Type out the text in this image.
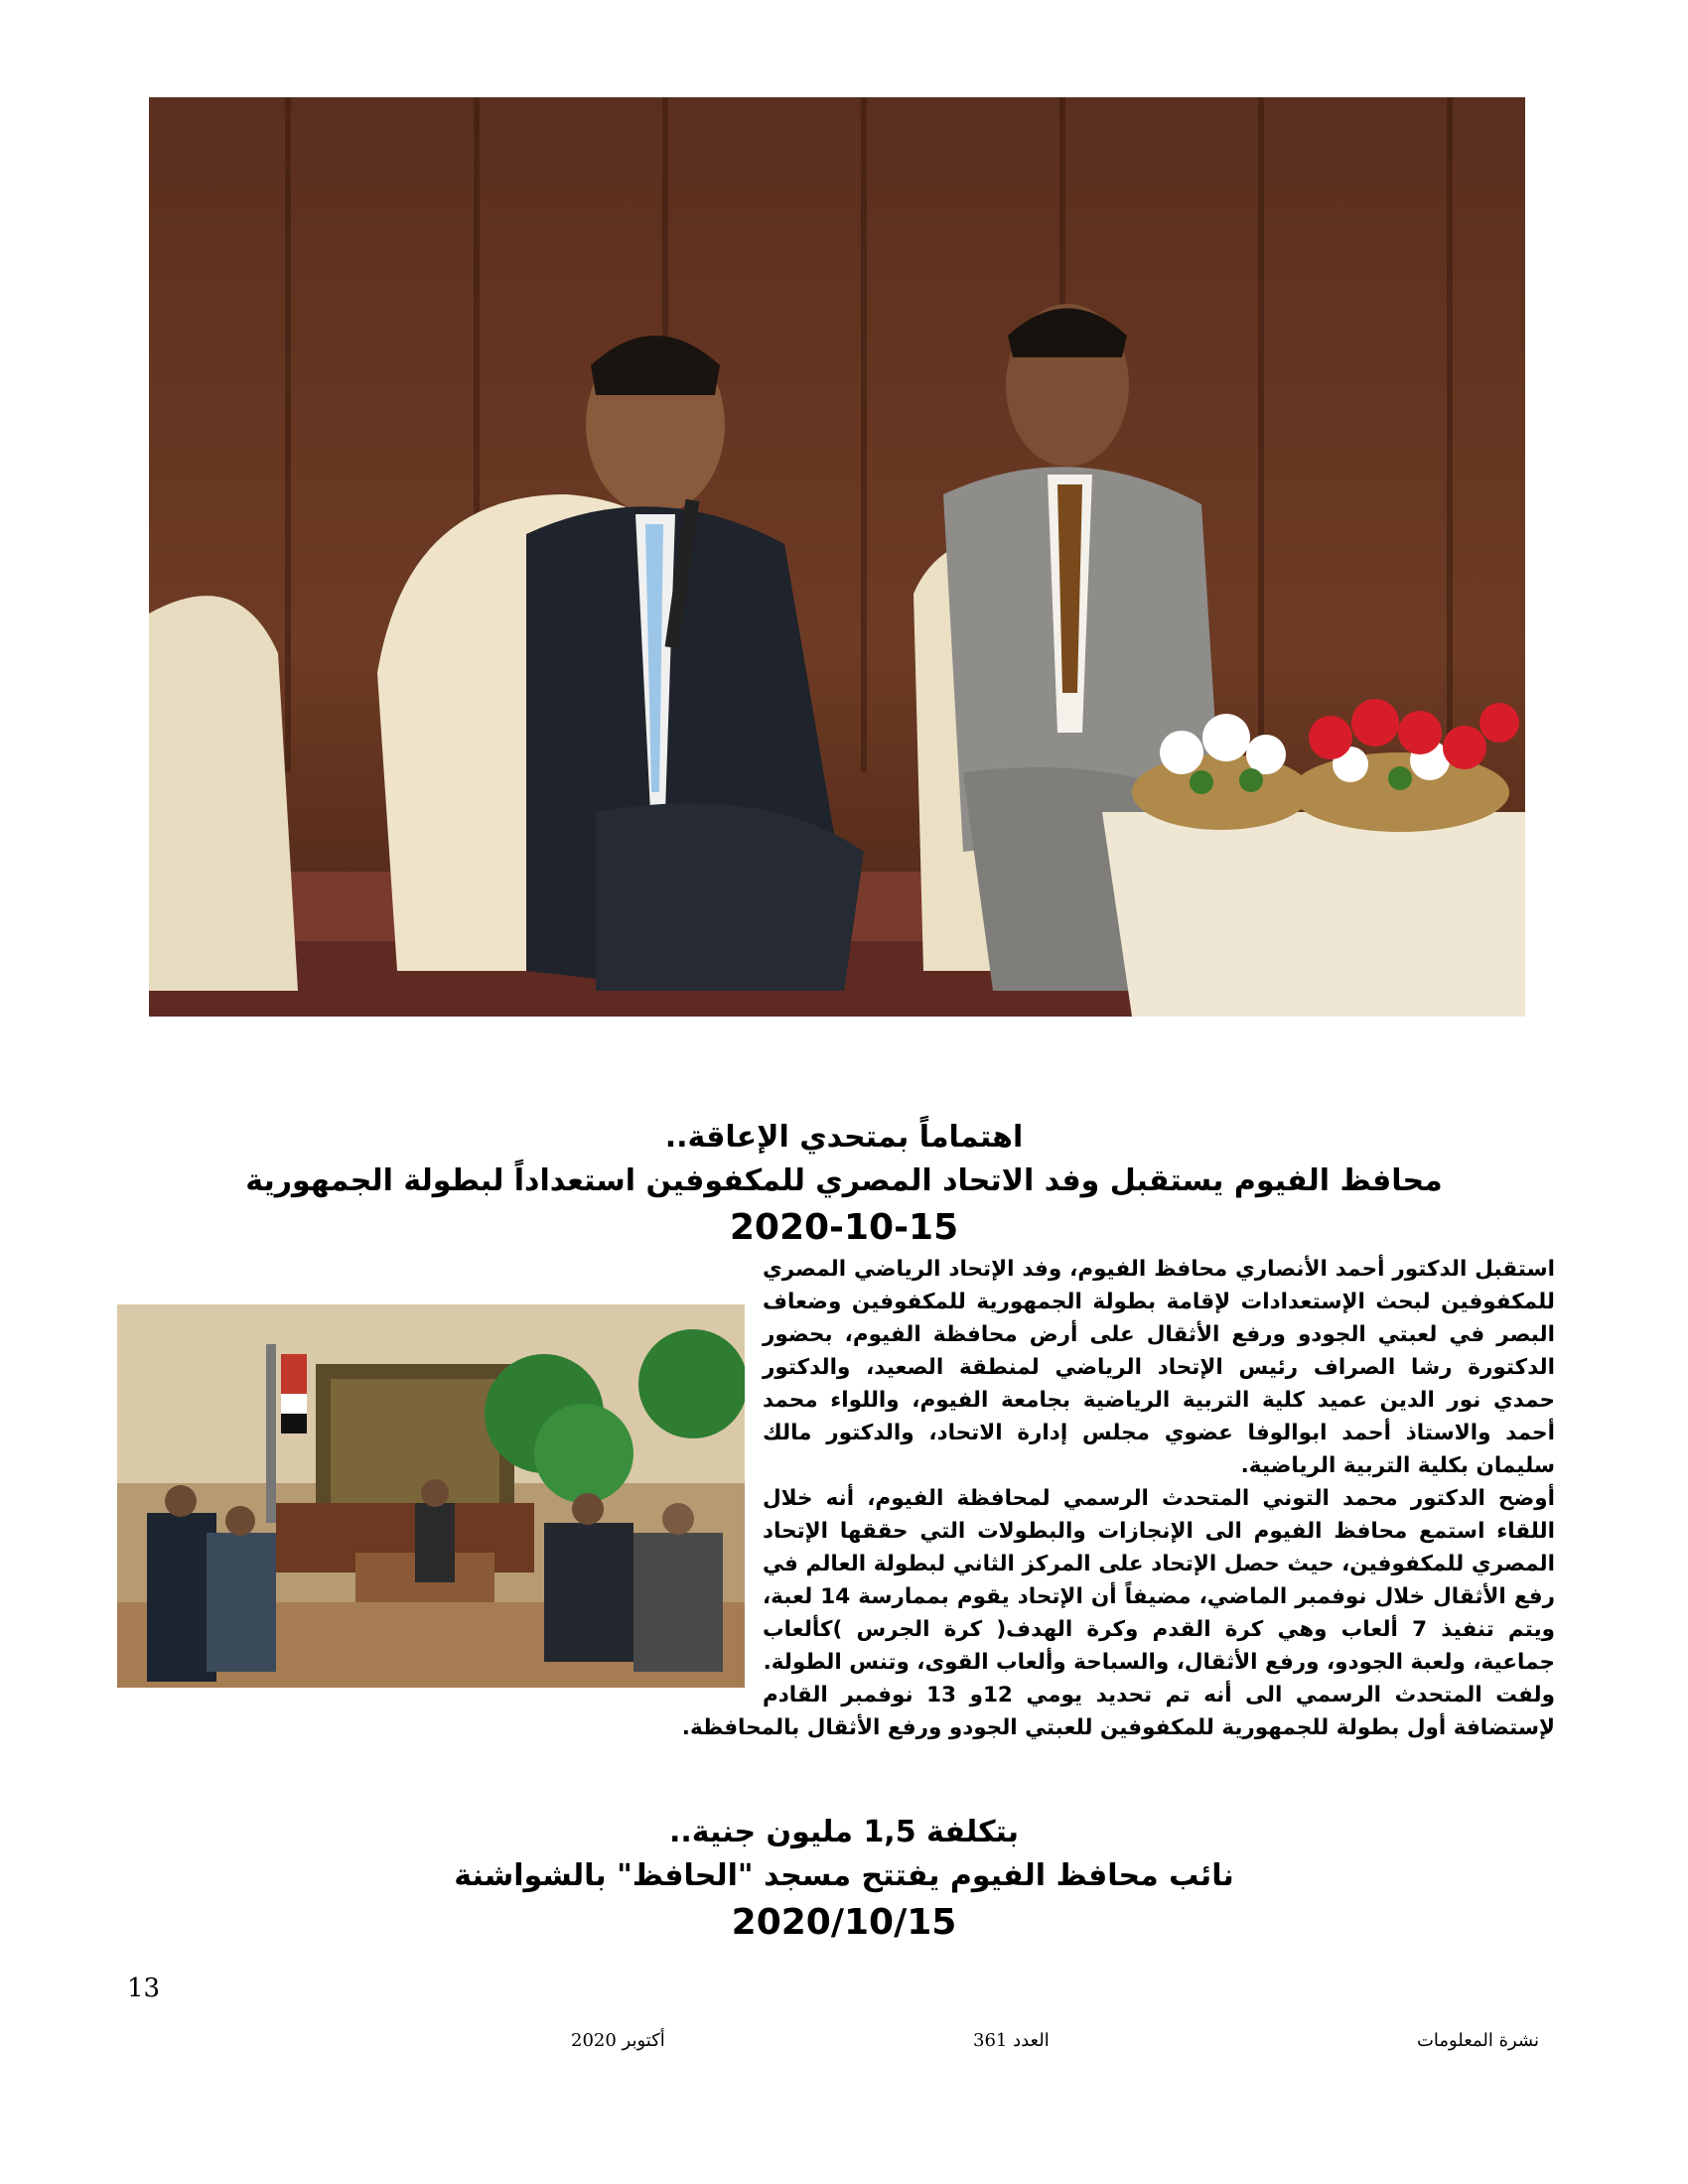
اهتماماً بمتحدي الإعاقة..
محافظ الفيوم يستقبل وفد الاتحاد المصري للمكفوفين استعداداً لبطولة الجمهورية
2020-10-15

استقبل الدكتور أحمد الأنصاري محافظ الفيوم، وفد الإتحاد الرياضي المصري للمكفوفين لبحث الإستعدادات لإقامة بطولة الجمهورية للمكفوفين وضعاف البصر في لعبتي الجودو ورفع الأثقال على أرض محافظة الفيوم، بحضور الدكتورة رشا الصراف رئيس الإتحاد الرياضي لمنطقة الصعيد، والدكتور حمدي نور الدين عميد كلية التربية الرياضية بجامعة الفيوم، واللواء محمد أحمد والاستاذ أحمد ابوالوفا عضوي مجلس إدارة الاتحاد، والدكتور مالك سليمان بكلية التربية الرياضية.

أوضح الدكتور محمد التوني المتحدث الرسمي لمحافظة الفيوم، أنه خلال اللقاء استمع محافظ الفيوم الى الإنجازات والبطولات التي حققها الإتحاد المصري للمكفوفين، حيث حصل الإتحاد على المركز الثاني لبطولة العالم في رفع الأثقال خلال نوفمبر الماضي، مضيفاً أن الإتحاد يقوم بممارسة 14 لعبة، ويتم تنفيذ 7 ألعاب وهي كرة القدم وكرة الهدف( كرة الجرس )كألعاب جماعية، ولعبة الجودو، ورفع الأثقال، والسباحة وألعاب القوى، وتنس الطولة.

ولفت المتحدث الرسمي الى أنه تم تحديد يومي 12و 13 نوفمبر القادم لإستضافة أول بطولة للجمهورية للمكفوفين للعبتي الجودو ورفع الأثقال بالمحافظة.

بتكلفة 1,5 مليون جنية..
نائب محافظ الفيوم يفتتح مسجد "الحافظ" بالشواشنة
2020/10/15
13
نشرة المعلومات
العدد 361
أكتوبر 2020
